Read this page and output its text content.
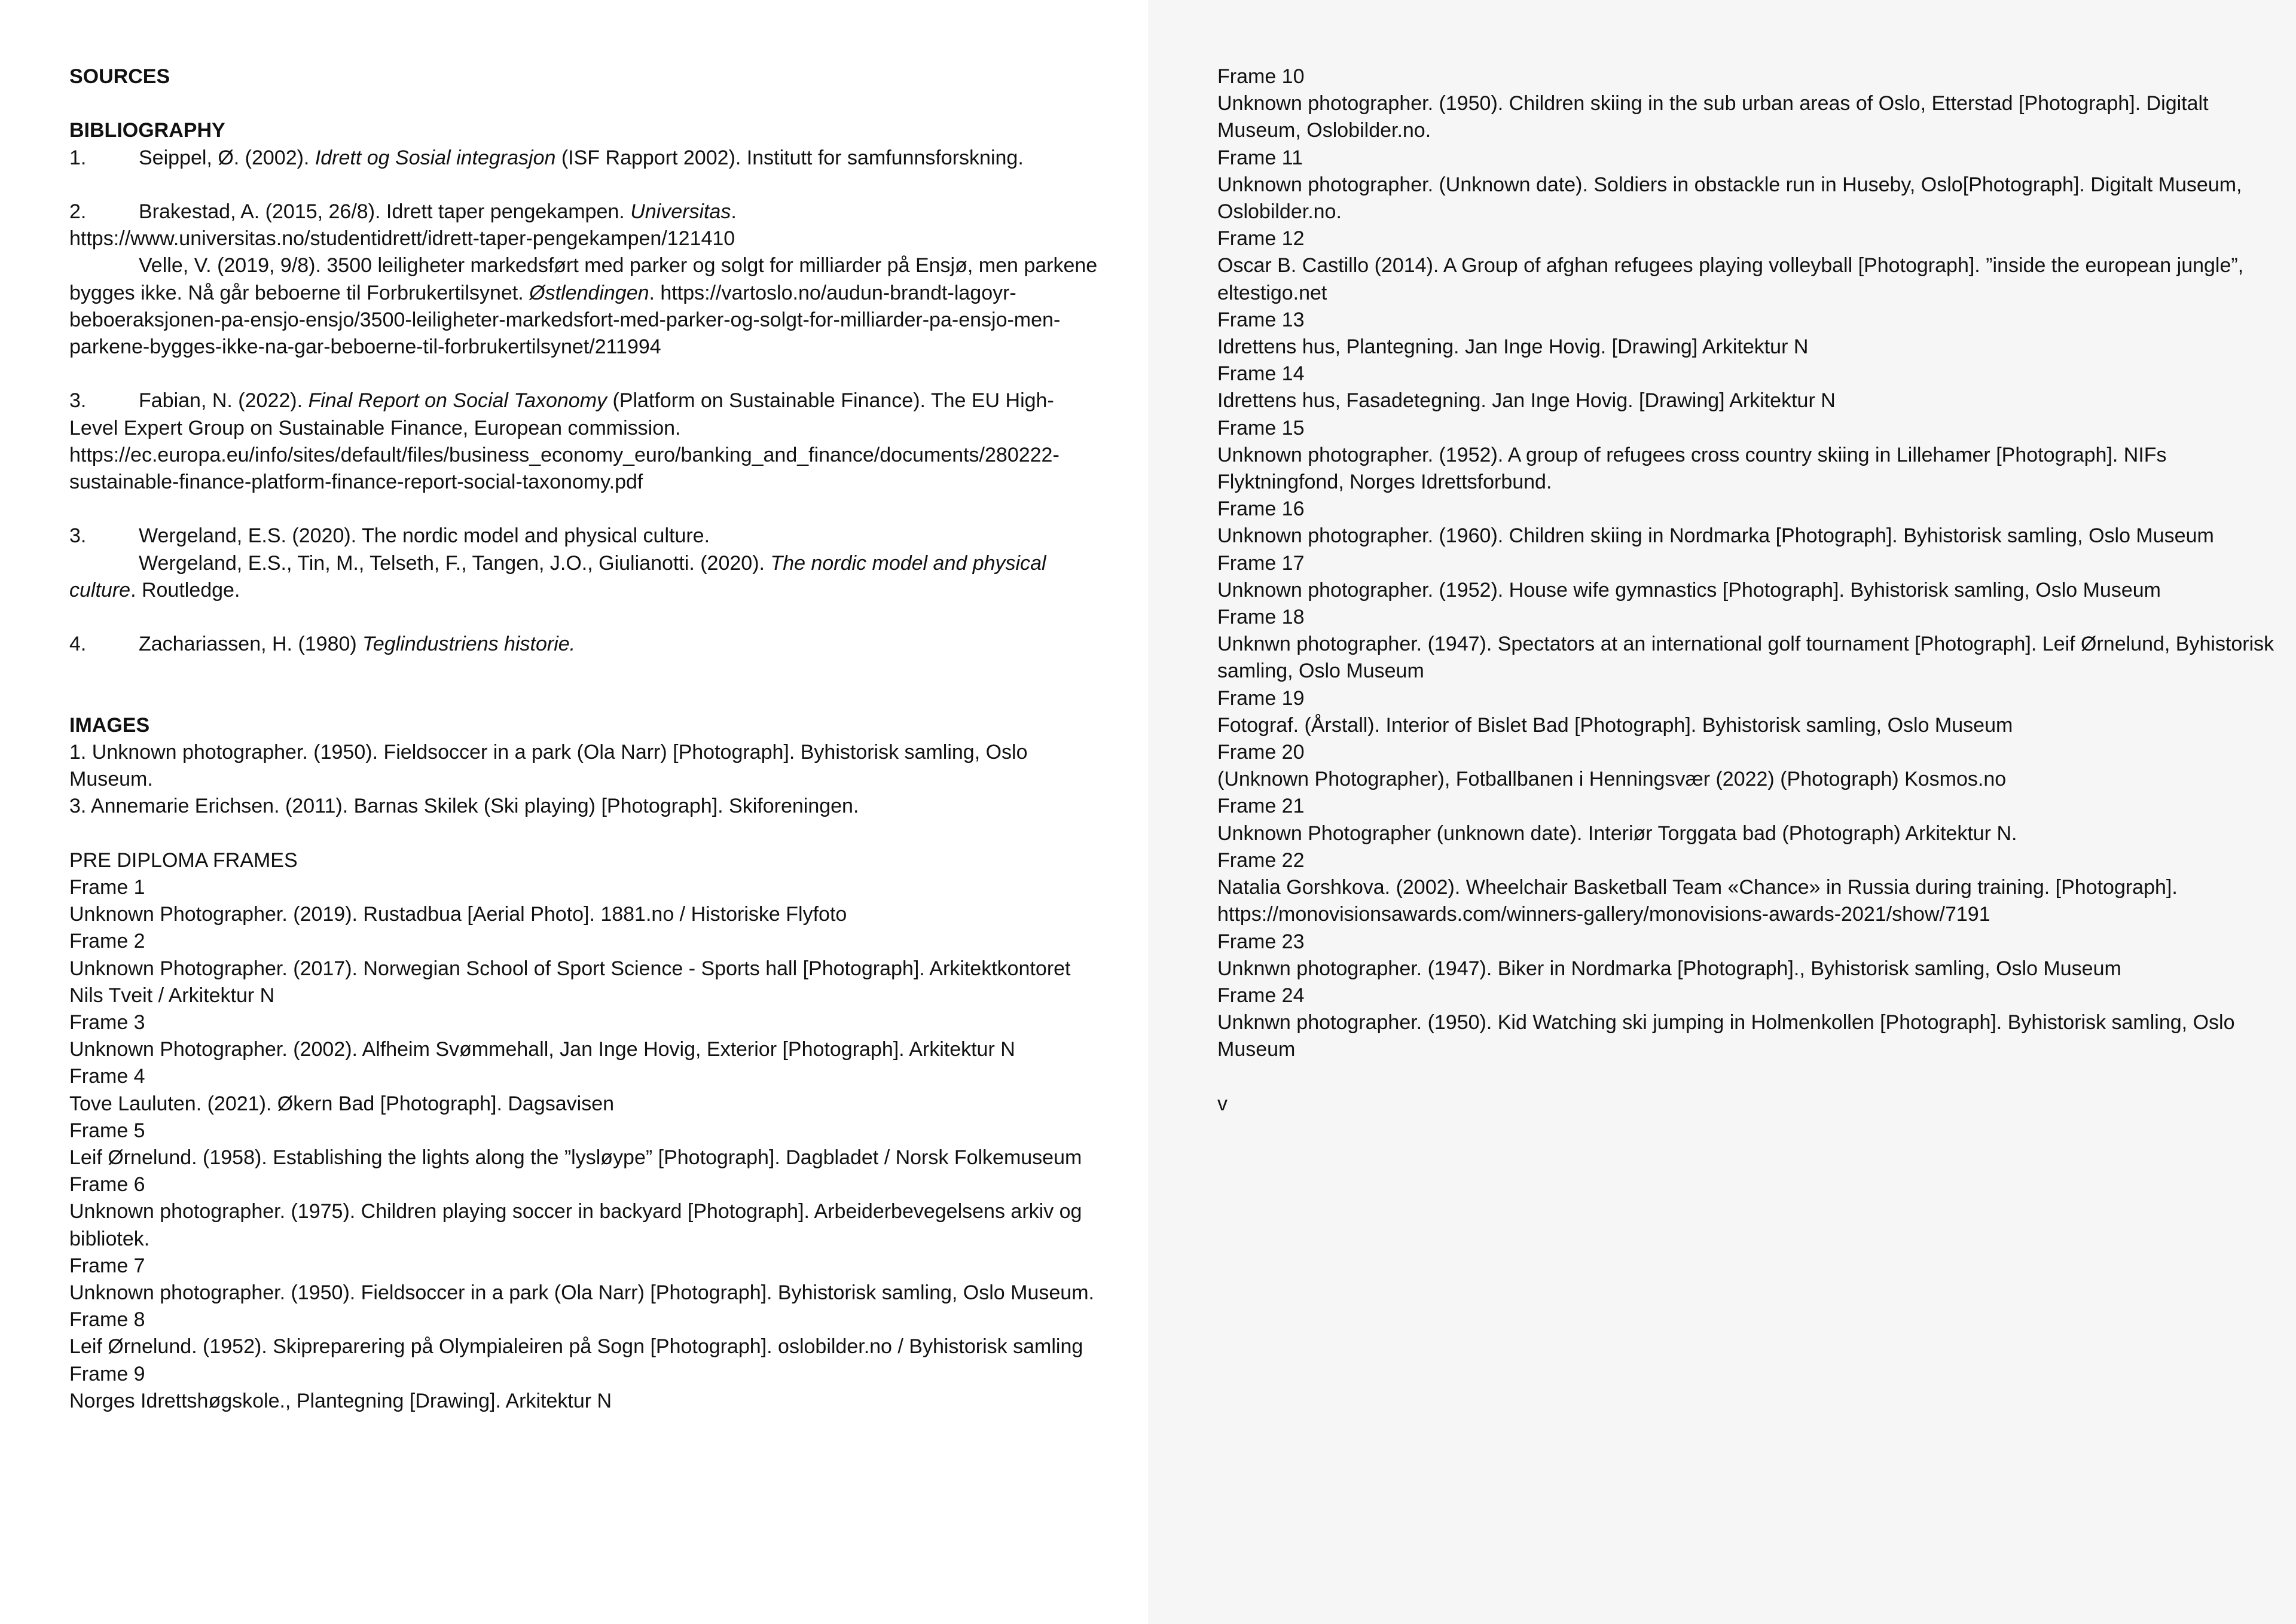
SOURCES

BIBLIOGRAPHY

1.	Seippel, Ø. (2002). Idrett og Sosial integrasjon (ISF Rapport 2002). Institutt for samfunnsforskning.

2.	Brakestad, A. (2015, 26/8). Idrett taper pengekampen. Universitas. https://www.universitas.no/studentidrett/idrett-taper-pengekampen/121410

Velle, V. (2019, 9/8). 3500 leiligheter markedsført med parker og solgt for milliarder på Ensjø, men parkene bygges ikke. Nå går beboerne til Forbrukertilsynet. Østlendingen. https://vartoslo.no/audun-brandt-lagoyr-beboeraksjonen-pa-ensjo-ensjo/3500-leiligheter-markedsfort-med-parker-og-solgt-for-milliarder-pa-ensjo-men-parkene-bygges-ikke-na-gar-beboerne-til-forbrukertilsynet/211994

3.	Fabian, N. (2022). Final Report on Social Taxonomy (Platform on Sustainable Finance). The EU High-Level Expert Group on Sustainable Finance, European commission. https://ec.europa.eu/info/sites/default/files/business_economy_euro/banking_and_finance/documents/280222-sustainable-finance-platform-finance-report-social-taxonomy.pdf

3.	Wergeland, E.S. (2020). The nordic model and physical culture.

Wergeland, E.S., Tin, M., Telseth, F., Tangen, J.O., Giulianotti. (2020). The nordic model and physical culture. Routledge.

4.	Zachariassen, H. (1980) Teglindustriens historie.

IMAGES

1. Unknown photographer. (1950). Fieldsoccer in a park (Ola Narr) [Photograph]. Byhistorisk samling, Oslo Museum.

3. Annemarie Erichsen. (2011). Barnas Skilek (Ski playing) [Photograph]. Skiforeningen.

PRE DIPLOMA FRAMES

Frame 1

Unknown Photographer. (2019). Rustadbua [Aerial Photo]. 1881.no / Historiske Flyfoto

Frame 2

Unknown Photographer. (2017). Norwegian School of Sport Science - Sports hall [Photograph]. Arkitektkontoret Nils Tveit / Arkitektur N

Frame 3

Unknown Photographer. (2002). Alfheim Svømmehall, Jan Inge Hovig, Exterior [Photograph]. Arkitektur N

Frame 4

Tove Lauluten. (2021). Økern Bad [Photograph]. Dagsavisen

Frame 5

Leif Ørnelund. (1958). Establishing the lights along the ”lysløype” [Photograph]. Dagbladet / Norsk Folkemuseum

Frame 6

Unknown photographer. (1975). Children playing soccer in backyard [Photograph]. Arbeiderbevegelsens arkiv og bibliotek.

Frame 7

Unknown photographer. (1950). Fieldsoccer in a park (Ola Narr) [Photograph]. Byhistorisk samling, Oslo Museum.

Frame 8

Leif Ørnelund. (1952). Skipreparering på Olympialeiren på Sogn [Photograph]. oslobilder.no / Byhistorisk samling

Frame 9

Norges Idrettshøgskole., Plantegning [Drawing]. Arkitektur N

Frame 10

Unknown photographer. (1950). Children skiing in the sub urban areas of Oslo, Etterstad [Photograph]. Digitalt Museum, Oslobilder.no.

Frame 11

Unknown photographer. (Unknown date). Soldiers in obstackle run in Huseby, Oslo[Photograph]. Digitalt Museum, Oslobilder.no.

Frame 12

Oscar B. Castillo (2014). A Group of afghan refugees playing volleyball [Photograph]. ”inside the european jungle”, eltestigo.net

Frame 13

Idrettens hus, Plantegning. Jan Inge Hovig. [Drawing] Arkitektur N

Frame 14

Idrettens hus, Fasadetegning. Jan Inge Hovig. [Drawing] Arkitektur N

Frame 15

Unknown photographer. (1952). A group of refugees cross country skiing in Lillehamer [Photograph]. NIFs Flyktningfond, Norges Idrettsforbund.

Frame 16

Unknown photographer. (1960). Children skiing in Nordmarka [Photograph]. Byhistorisk samling, Oslo Museum

Frame 17

Unknown photographer. (1952). House wife gymnastics [Photograph]. Byhistorisk samling, Oslo Museum

Frame 18

Unknwn photographer. (1947). Spectators at an international golf tournament [Photograph]. Leif Ørnelund, Byhistorisk samling, Oslo Museum

Frame 19

Fotograf. (Årstall). Interior of Bislet Bad [Photograph]. Byhistorisk samling, Oslo Museum

Frame 20

(Unknown Photographer), Fotballbanen i Henningsvær (2022) (Photograph) Kosmos.no

Frame 21

Unknown Photographer (unknown date). Interiør Torggata bad (Photograph) Arkitektur N.

Frame 22

Natalia Gorshkova. (2002). Wheelchair Basketball Team «Chance» in Russia during training. [Photograph]. https://monovisionsawards.com/winners-gallery/monovisions-awards-2021/show/7191

Frame 23

Unknwn photographer. (1947). Biker in Nordmarka [Photograph]., Byhistorisk samling, Oslo Museum

Frame 24

Unknwn photographer. (1950). Kid Watching ski jumping in Holmenkollen [Photograph]. Byhistorisk samling, Oslo Museum

v
